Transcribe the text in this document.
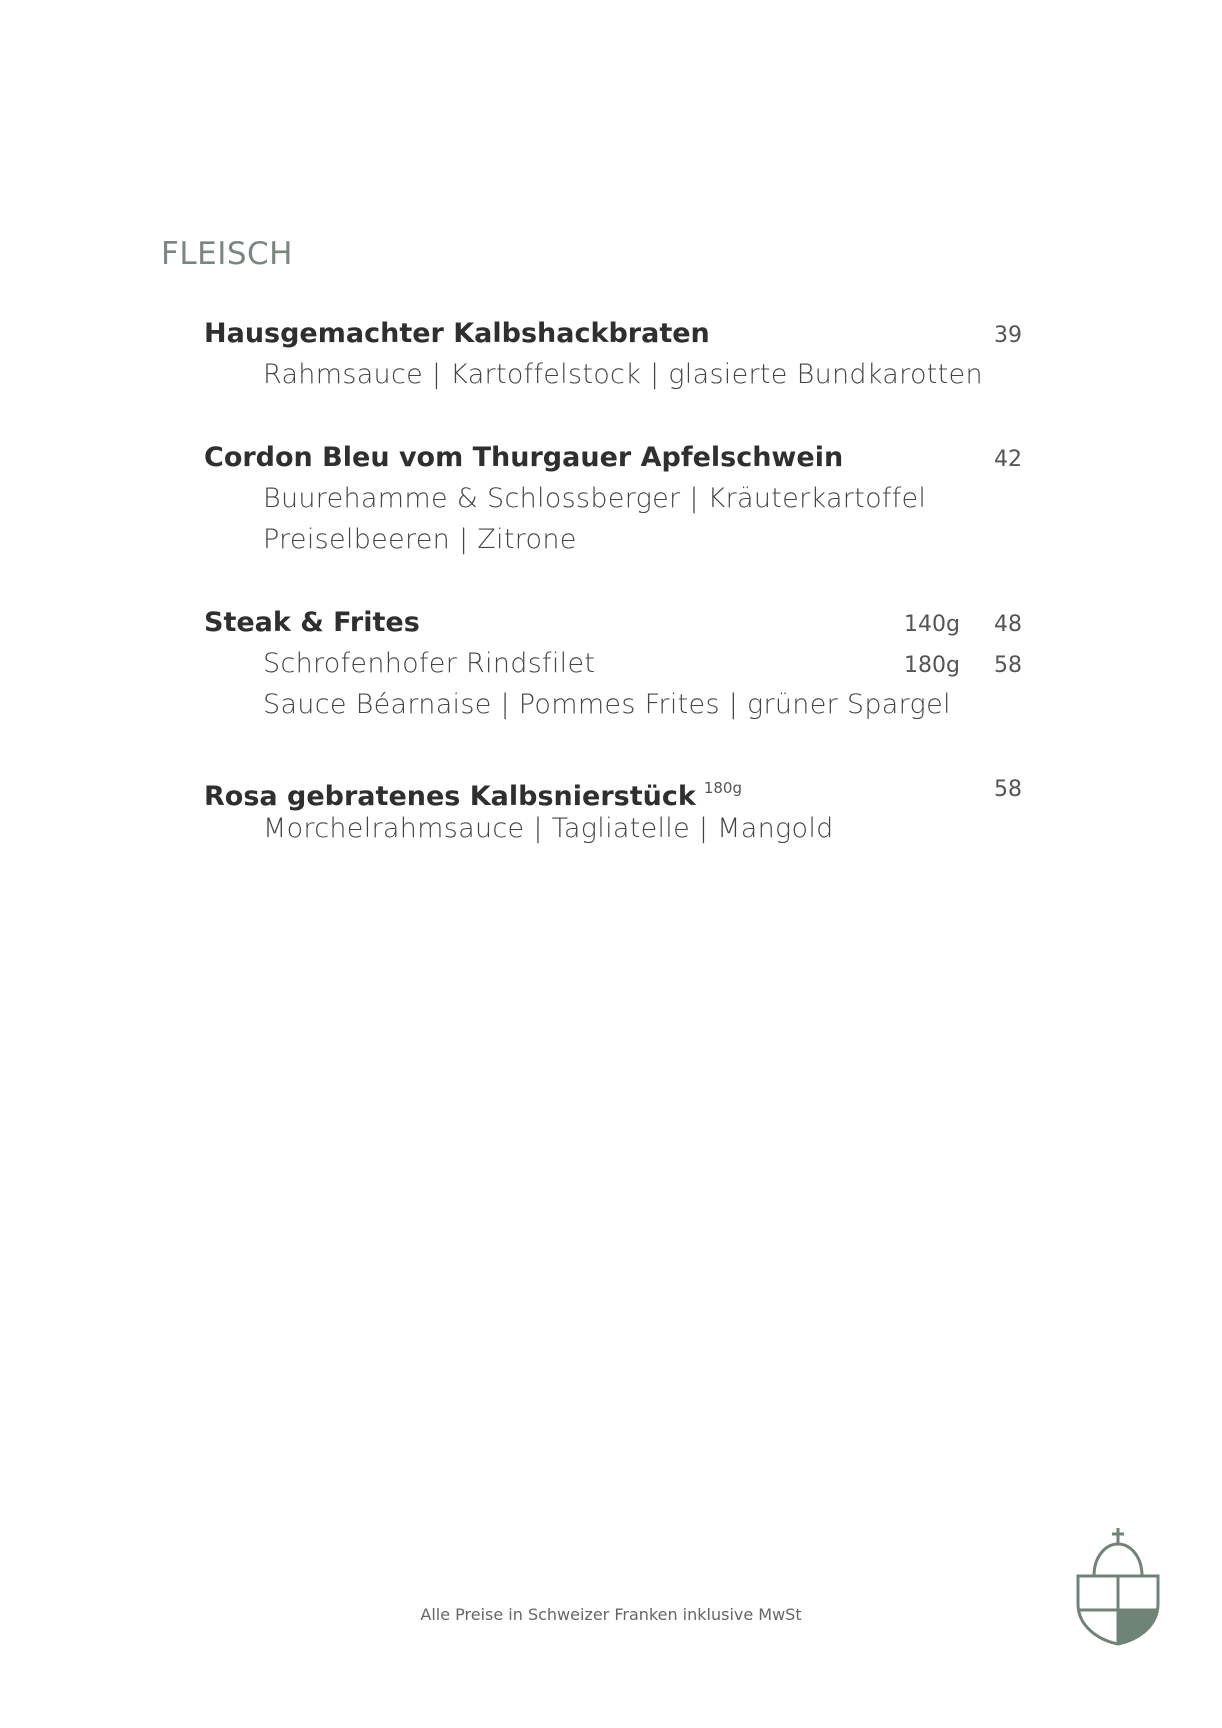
FLEISCH
Hausgemachter Kalbshackbraten	39
Rahmsauce | Kartoffelstock | glasierte Bundkarotten
Cordon Bleu vom Thurgauer Apfelschwein	42
Buurehamme & Schlossberger | Kräuterkartoffel
Preiselbeeren | Zitrone
Steak & Frites	140g 48
Schrofenhofer Rindsfilet	180g 58
Sauce Béarnaise | Pommes Frites | grüner Spargel
Rosa gebratenes Kalbsnierstück $^{180g}$	58
Morchelrahmsauce | Tagliatelle | Mangold
Alle Preise in Schweizer Franken inklusive MwSt
